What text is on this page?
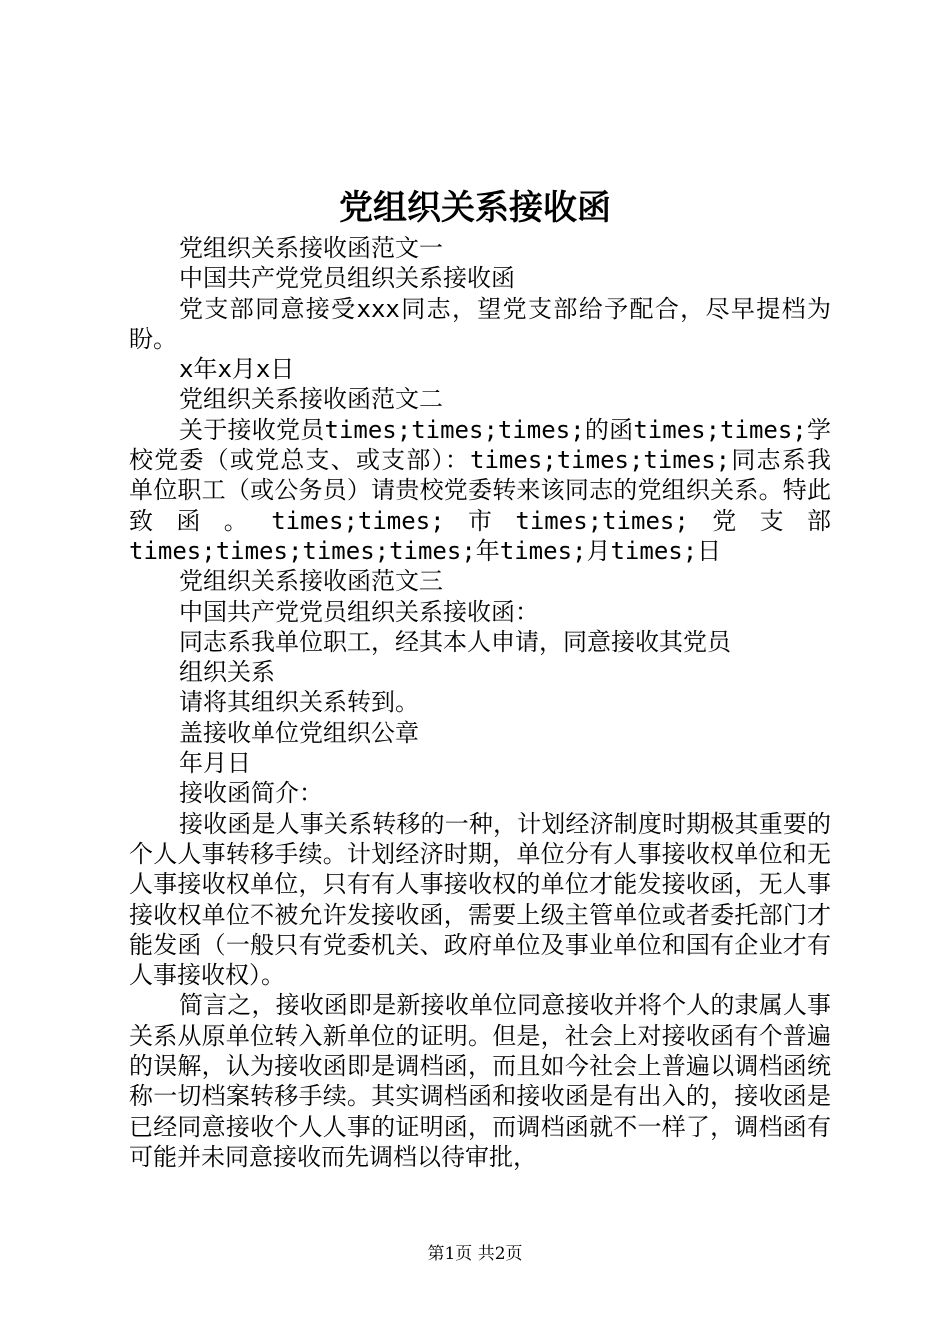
党组织关系接收函

党组织关系接收函范文一

中国共产党党员组织关系接收函

党支部同意接受xxx同志，望党支部给予配合，尽早提档为盼。

x年x月x日

党组织关系接收函范文二

关于接收党员times;times;times;的函times;times;学校党委（或党总支、或支部）：times;times;times;同志系我单位职工（或公务员）请贵校党委转来该同志的党组织关系。特此致函。times;times;市times;times;党支部times;times;times;times;年times;月times;日

党组织关系接收函范文三

中国共产党党员组织关系接收函：

同志系我单位职工，经其本人申请，同意接收其党员

组织关系

请将其组织关系转到。

盖接收单位党组织公章

年月日

接收函简介：

接收函是人事关系转移的一种，计划经济制度时期极其重要的个人人事转移手续。计划经济时期，单位分有人事接收权单位和无人事接收权单位，只有有人事接收权的单位才能发接收函，无人事接收权单位不被允许发接收函，需要上级主管单位或者委托部门才能发函（一般只有党委机关、政府单位及事业单位和国有企业才有人事接收权）。

简言之，接收函即是新接收单位同意接收并将个人的隶属人事关系从原单位转入新单位的证明。但是，社会上对接收函有个普遍的误解，认为接收函即是调档函，而且如今社会上普遍以调档函统称一切档案转移手续。其实调档函和接收函是有出入的，接收函是已经同意接收个人人事的证明函，而调档函就不一样了，调档函有可能并未同意接收而先调档以待审批，

第1页 共2页
